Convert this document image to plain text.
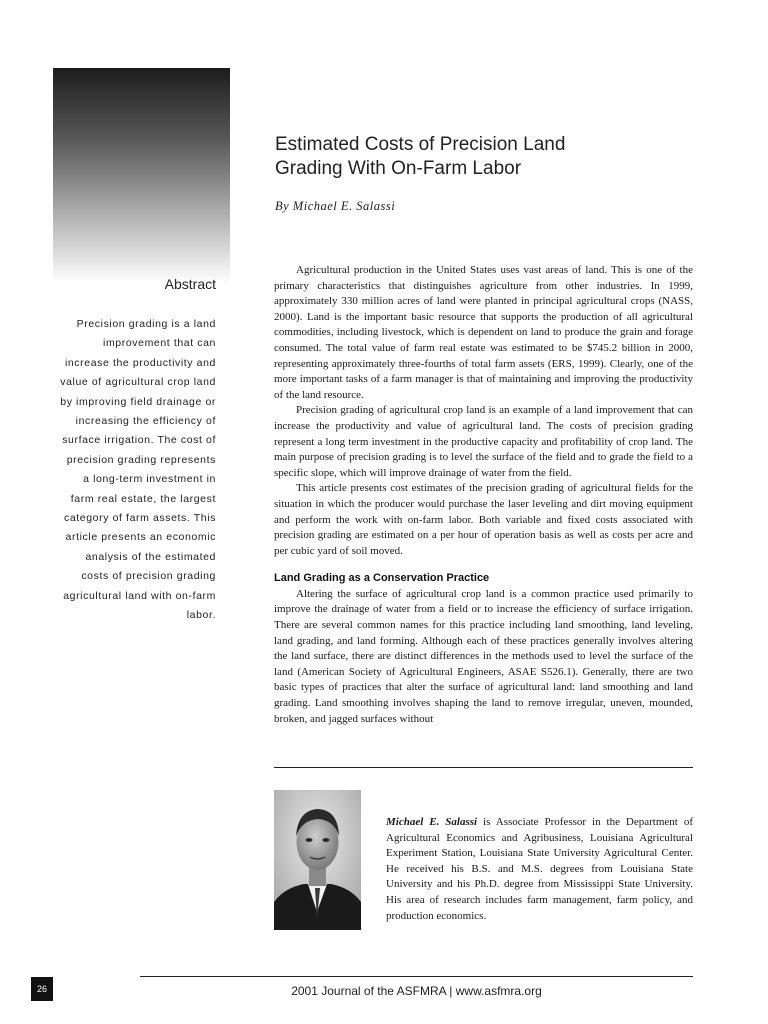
Abstract
Precision grading is a land improvement that can increase the productivity and value of agricultural crop land by improving field drainage or increasing the efficiency of surface irrigation. The cost of precision grading represents a long-term investment in farm real estate, the largest category of farm assets. This article presents an economic analysis of the estimated costs of precision grading agricultural land with on-farm labor.
Estimated Costs of Precision Land
Grading With On-Farm Labor
By Michael E. Salassi

Agricultural production in the United States uses vast areas of land. This is one of the primary characteristics that distinguishes agriculture from other industries. In 1999, approximately 330 million acres of land were planted in principal agricultural crops (NASS, 2000). Land is the important basic resource that supports the production of all agricultural commodities, including livestock, which is dependent on land to produce the grain and forage consumed. The total value of farm real estate was estimated to be $745.2 billion in 2000, representing approximately three-fourths of total farm assets (ERS, 1999). Clearly, one of the more important tasks of a farm manager is that of maintaining and improving the productivity of the land resource.

Precision grading of agricultural crop land is an example of a land improvement that can increase the productivity and value of agricultural land. The costs of precision grading represent a long term investment in the productive capacity and profitability of crop land. The main purpose of precision grading is to level the surface of the field and to grade the field to a specific slope, which will improve drainage of water from the field.

This article presents cost estimates of the precision grading of agricultural fields for the situation in which the producer would purchase the laser leveling and dirt moving equipment and perform the work with on-farm labor. Both variable and fixed costs associated with precision grading are estimated on a per hour of operation basis as well as costs per acre and per cubic yard of soil moved.

Land Grading as a Conservation Practice

Altering the surface of agricultural crop land is a common practice used primarily to improve the drainage of water from a field or to increase the efficiency of surface irrigation. There are several common names for this practice including land smoothing, land leveling, land grading, and land forming. Although each of these practices generally involves altering the land surface, there are distinct differences in the methods used to level the surface of the land (American Society of Agricultural Engineers, ASAE S526.1). Generally, there are two basic types of practices that alter the surface of agricultural land: land smoothing and land grading. Land smoothing involves shaping the land to remove irregular, uneven, mounded, broken, and jagged surfaces without

Michael E. Salassi is Associate Professor in the Department of Agricultural Economics and Agribusiness, Louisiana Agricultural Experiment Station, Louisiana State University Agricultural Center. He received his B.S. and M.S. degrees from Louisiana State University and his Ph.D. degree from Mississippi State University. His area of research includes farm management, farm policy, and production economics.
26	2001 Journal of the ASFMRA | www.asfmra.org
